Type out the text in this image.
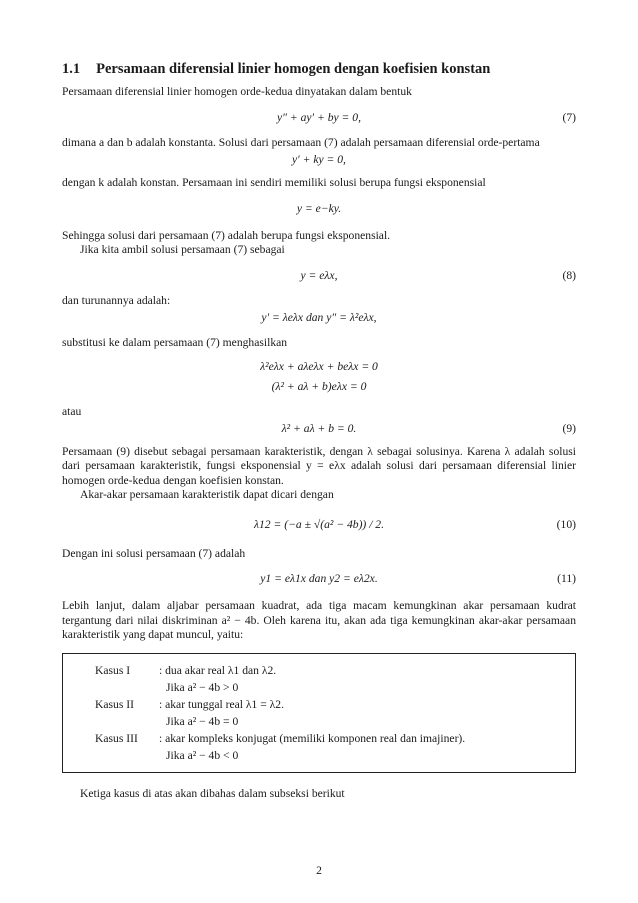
1.1 Persamaan diferensial linier homogen dengan koefisien konstan

Persamaan diferensial linier homogen orde-kedua dinyatakan dalam bentuk

y″ + ay′ + by = 0,	(7)

dimana a dan b adalah konstanta. Solusi dari persamaan (7) adalah persamaan diferensial orde-pertama

y′ + ky = 0,

dengan k adalah konstan. Persamaan ini sendiri memiliki solusi berupa fungsi eksponensial

y = e−ky.

Sehingga solusi dari persamaan (7) adalah berupa fungsi eksponensial.

Jika kita ambil solusi persamaan (7) sebagai

y = eλx,	(8)

dan turunannya adalah:

y′ = λeλx dan y″ = λ²eλx,

substitusi ke dalam persamaan (7) menghasilkan

λ²eλx + aλeλx + beλx = 0
(λ² + aλ + b)eλx = 0

atau

λ² + aλ + b = 0.	(9)

Persamaan (9) disebut sebagai persamaan karakteristik, dengan λ sebagai solusinya. Karena λ adalah solusi dari persamaan karakteristik, fungsi eksponensial y = eλx adalah solusi dari persamaan diferensial linier homogen orde-kedua dengan koefisien konstan.

Akar-akar persamaan karakteristik dapat dicari dengan

λ12 = (−a ± √(a² − 4b)) / 2.	(10)

Dengan ini solusi persamaan (7) adalah

y1 = eλ1x dan y2 = eλ2x.	(11)

Lebih lanjut, dalam aljabar persamaan kuadrat, ada tiga macam kemungkinan akar persamaan kudrat tergantung dari nilai diskriminan a² − 4b. Oleh karena itu, akan ada tiga kemungkinan akar-akar persamaan karakteristik yang dapat muncul, yaitu:

Kasus I	: dua akar real λ1 dan λ2.
Jika a² − 4b > 0
Kasus II	: akar tunggal real λ1 = λ2.
Jika a² − 4b = 0
Kasus III	: akar kompleks konjugat (memiliki komponen real dan imajiner).
Jika a² − 4b < 0

Ketiga kasus di atas akan dibahas dalam subseksi berikut

2
